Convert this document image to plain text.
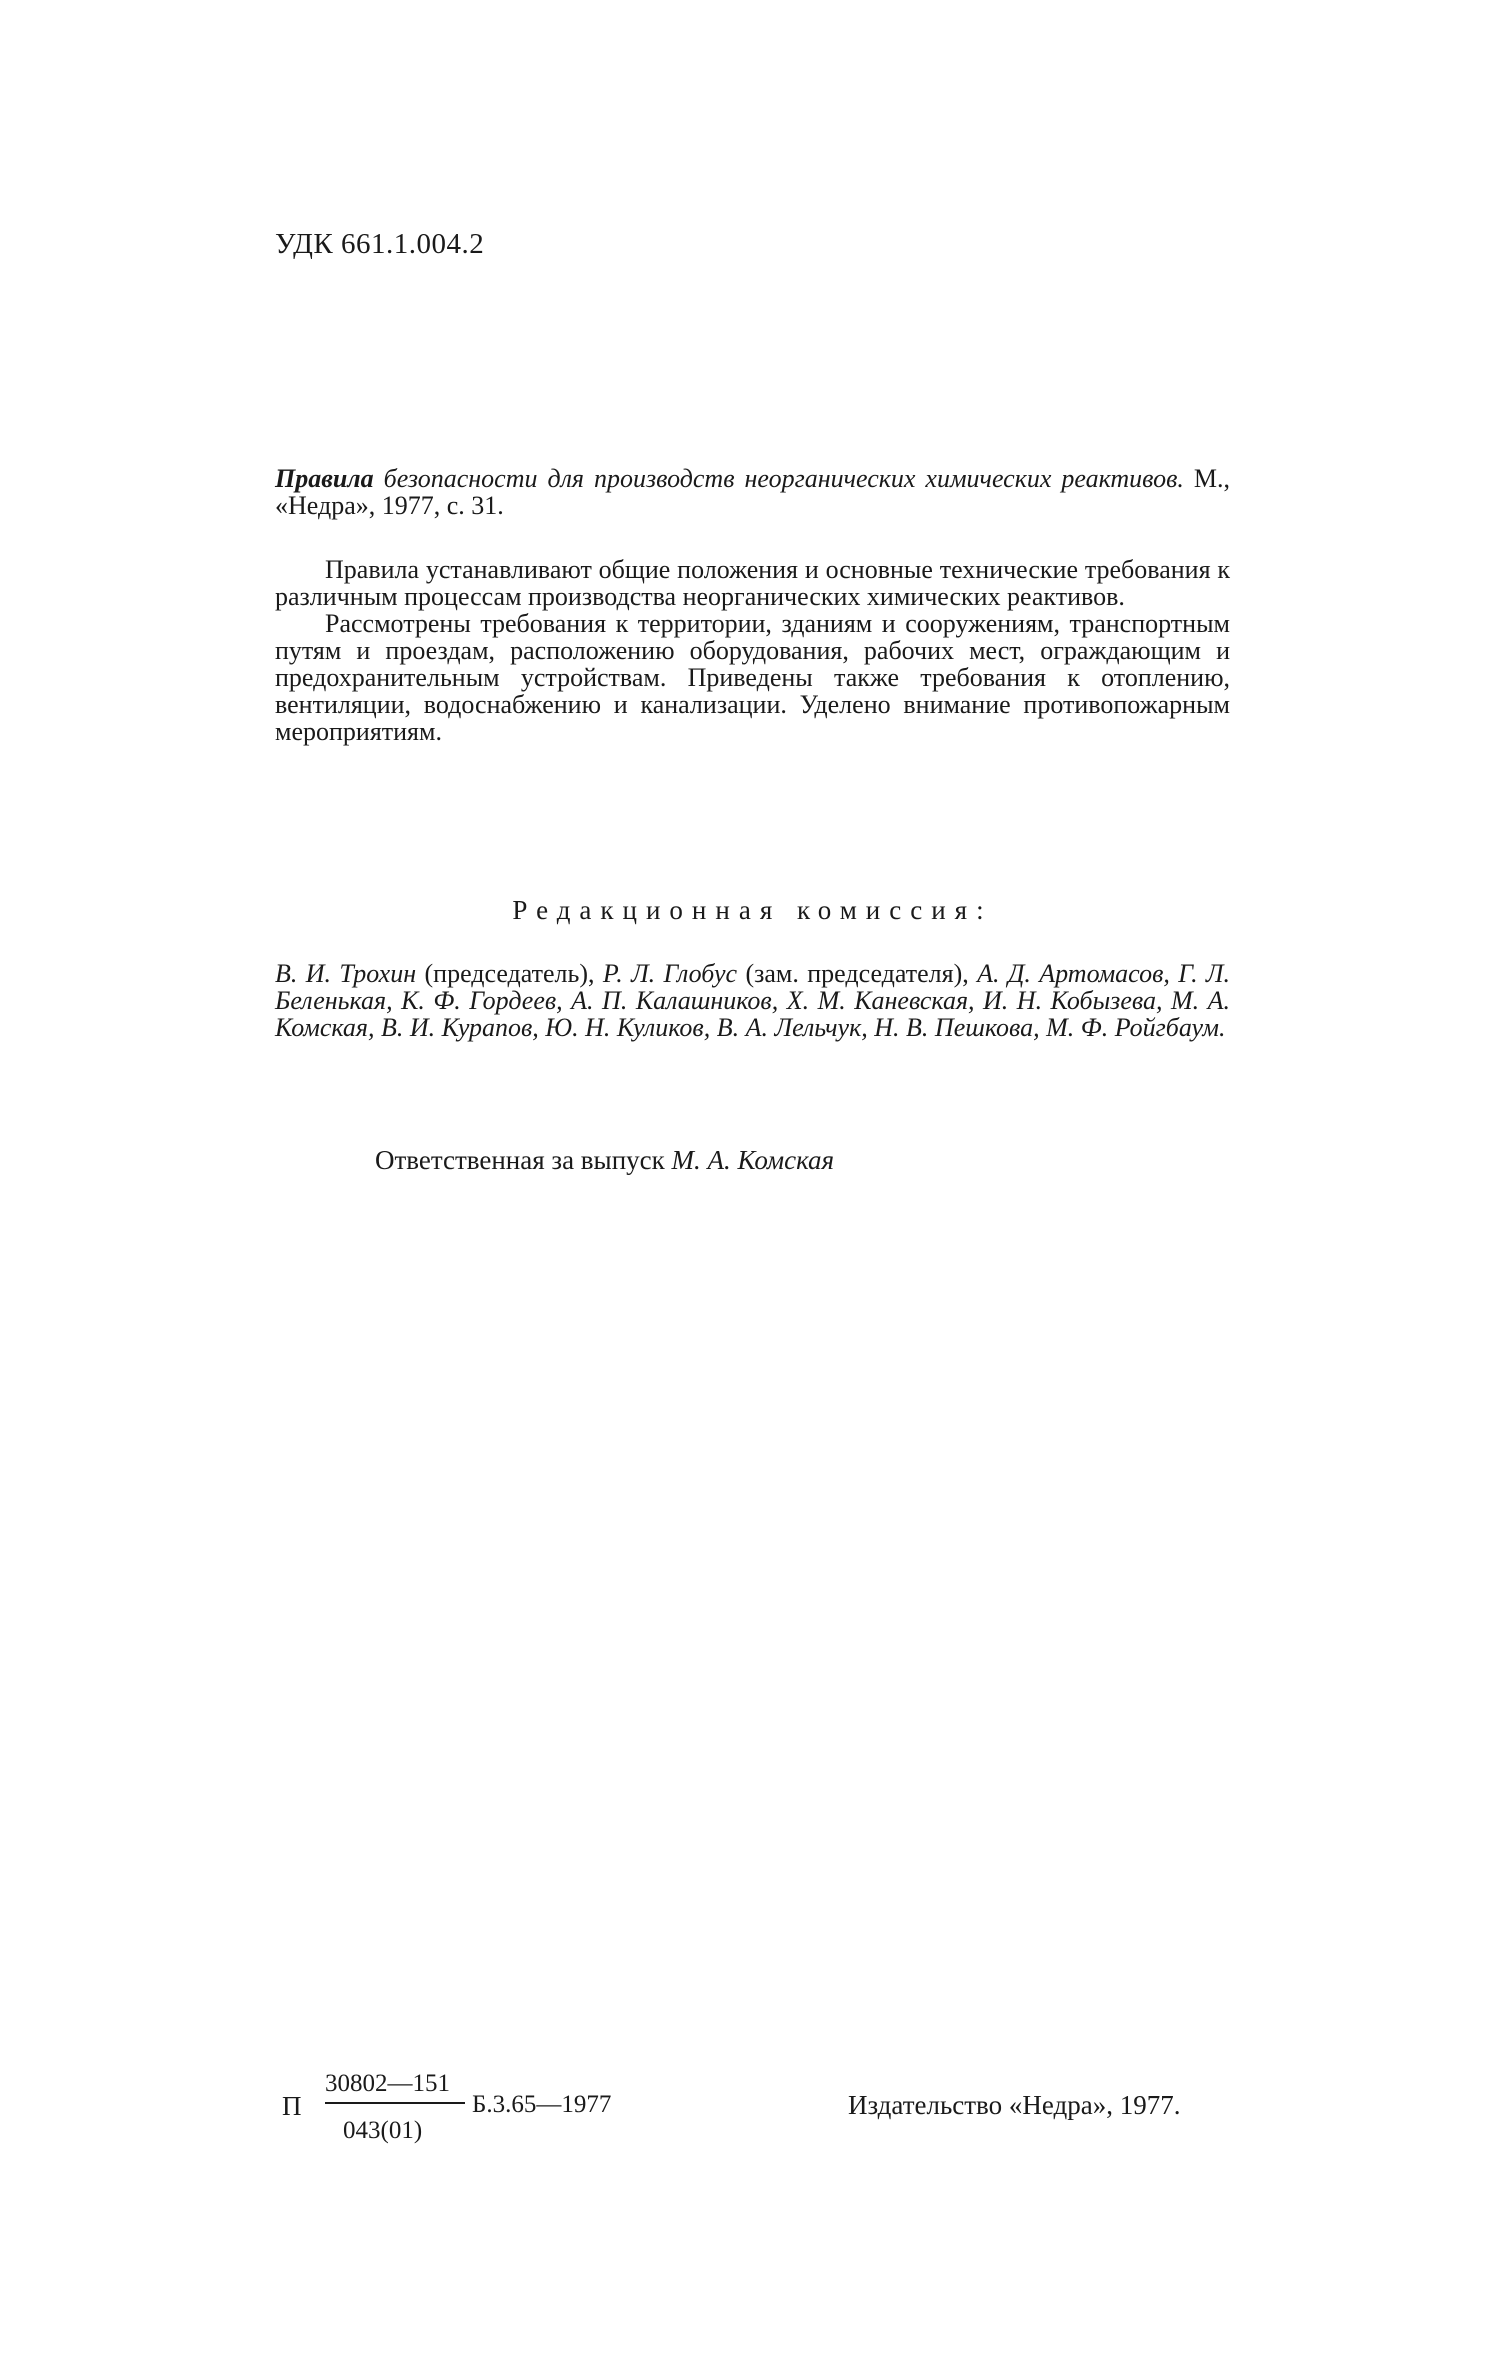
УДК 661.1.004.2
Правила безопасности для производств неорганических химических реактивов. М., «Недра», 1977, с. 31.

Правила устанавливают общие положения и основные технические требования к различным процессам производства неорганических химических реактивов.

Рассмотрены требования к территории, зданиям и сооружениям, транспортным путям и проездам, расположению оборудования, рабочих мест, ограждающим и предохранительным устройствам. Приведены также требования к отоплению, вентиляции, водоснабжению и канализации. Уделено внимание противопожарным мероприятиям.

Редакционная комиссия:

В. И. Трохин (председатель), Р. Л. Глобус (зам. председателя), А. Д. Артомасов, Г. Л. Беленькая, К. Ф. Гордеев, А. П. Калашников, Х. М. Каневская, И. Н. Кобызева, М. А. Комская, В. И. Курапов, Ю. Н. Куликов, В. А. Лельчук, Н. В. Пешкова, М. Ф. Ройгбаум.

Ответственная за выпуск М. А. Комская
П
30802—151
043(01)
Б.3.65—1977	Издательство «Недра», 1977.
